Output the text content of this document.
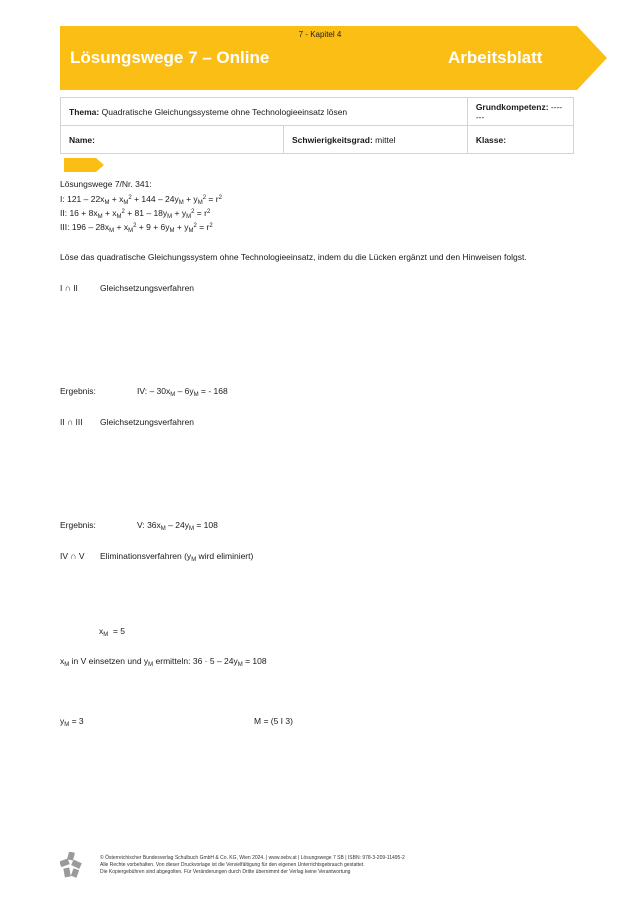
7 - Kapitel 4
Lösungswege 7 – Online	Arbeitsblatt
Thema: Quadratische Gleichungssysteme ohne Technologieeinsatz lösen		Grundkompetenz: -------
Name:	Schwierigkeitsgrad: mittel	Klasse:
Lösungswege 7/Nr. 341:
I: $121 - 22x_M + x_M^2 + 144 - 24y_M + y_M^2 = r^2$
II: $16 + 8x_M + x_M^2 + 81 - 18y_M + y_M^2 = r^2$
III: $196 - 28x_M + x_M^2 + 9 + 6y_M + y_M^2 = r^2$
Löse das quadratische Gleichungssystem ohne Technologieeinsatz, indem du die Lücken ergänzt und den Hinweisen folgst.
I ∩ II	Gleichsetzungsverfahren
Ergebnis:	IV: – $30x_M - 6y_M$ = - 168
II ∩ III Gleichsetzungsverfahren
Ergebnis:	V: $36x_M - 24y_M = 108$
IV ∩ V Eliminationsverfahren ($y_M$ wird eliminiert)
$x_M = 5$
$x_M$ in V einsetzen und $y_M$ ermitteln: $36 \cdot 5 - 24y_M = 108$
$y_M = 3$	M = (5 I 3)
© Österreichischer Bundesverlag Schulbuch GmbH & Co. KG, Wien 2024. | www.oebv.at | Lösungswege 7 SB | ISBN: 978-3-209-11495-2
Alle Rechte vorbehalten. Von dieser Druckvorlage ist die Vervielfältigung für den eigenen Unterrichtsgebrauch gestattet.
Die Kopiergebühren sind abgegolten. Für Veränderungen durch Dritte übernimmt der Verlag keine Verantwortung
